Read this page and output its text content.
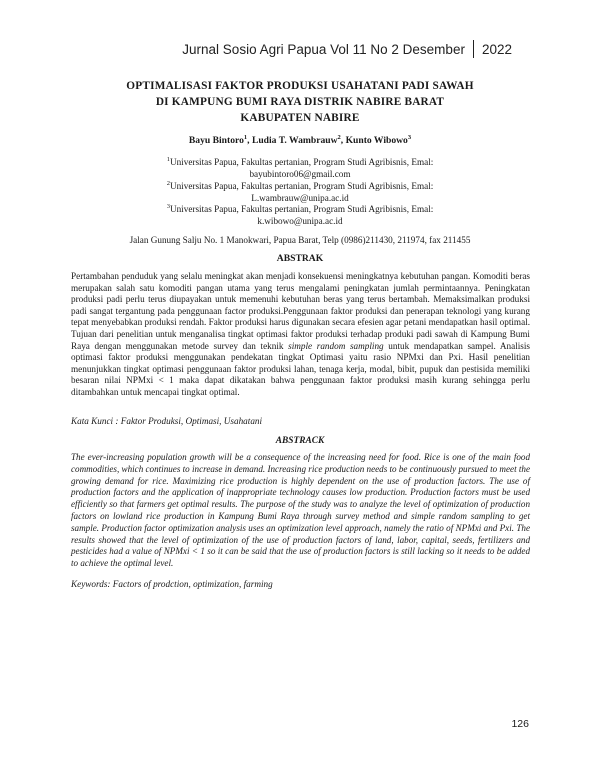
Jurnal Sosio Agri Papua Vol 11 No 2 Desember 2022
OPTIMALISASI FAKTOR PRODUKSI USAHATANI PADI SAWAH
DI KAMPUNG BUMI RAYA DISTRIK NABIRE BARAT
KABUPATEN NABIRE
Bayu Bintoro$^1$, Ludia T. Wambrauw$^2$, Kunto Wibowo$^3$
$^1$Universitas Papua, Fakultas pertanian, Program Studi Agribisnis, Emal:
bayubintoro06@gmail.com
$^2$Universitas Papua, Fakultas pertanian, Program Studi Agribisnis, Emal:
L.wambrauw@unipa.ac.id
$^3$Universitas Papua, Fakultas pertanian, Program Studi Agribisnis, Emal:
k.wibowo@unipa.ac.id
Jalan Gunung Salju No. 1 Manokwari, Papua Barat, Telp (0986)211430, 211974, fax 211455
ABSTRAK
Pertambahan penduduk yang selalu meningkat akan menjadi konsekuensi meningkatnya kebutuhan pangan. Komoditi beras merupakan salah satu komoditi pangan utama yang terus mengalami peningkatan jumlah permintaannya. Peningkatan produksi padi perlu terus diupayakan untuk memenuhi kebutuhan beras yang terus bertambah. Memaksimalkan produksi padi sangat tergantung pada penggunaan factor produksi.Penggunaan faktor produksi dan penerapan teknologi yang kurang tepat menyebabkan produksi rendah. Faktor produksi harus digunakan secara efesien agar petani mendapatkan hasil optimal. Tujuan dari penelitian untuk menganalisa tingkat optimasi faktor produksi terhadap produki padi sawah di Kampung Bumi Raya dengan menggunakan metode survey dan teknik simple random sampling untuk mendapatkan sampel. Analisis optimasi faktor produksi menggunakan pendekatan tingkat Optimasi yaitu rasio NPMxi dan Pxi. Hasil penelitian menunjukkan tingkat optimasi penggunaan faktor produksi lahan, tenaga kerja, modal, bibit, pupuk dan pestisida memiliki besaran nilai NPMxi < 1 maka dapat dikatakan bahwa penggunaan faktor produksi masih kurang sehingga perlu ditambahkan untuk mencapai tingkat optimal.
Kata Kunci : Faktor Produksi, Optimasi, Usahatani
ABSTRACK
The ever-increasing population growth will be a consequence of the increasing need for food. Rice is one of the main food commodities, which continues to increase in demand. Increasing rice production needs to be continuously pursued to meet the growing demand for rice. Maximizing rice production is highly dependent on the use of production factors. The use of production factors and the application of inappropriate technology causes low production. Production factors must be used efficiently so that farmers get optimal results. The purpose of the study was to analyze the level of optimization of production factors on lowland rice production in Kampung Bumi Raya through survey method and simple random sampling to get sample. Production factor optimization analysis uses an optimization level approach, namely the ratio of NPMxi and Pxi. The results showed that the level of optimization of the use of production factors of land, labor, capital, seeds, fertilizers and pesticides had a value of NPMxi < 1 so it can be said that the use of production factors is still lacking so it needs to be added to achieve the optimal level.
Keywords: Factors of prodction, optimization, farming
126
